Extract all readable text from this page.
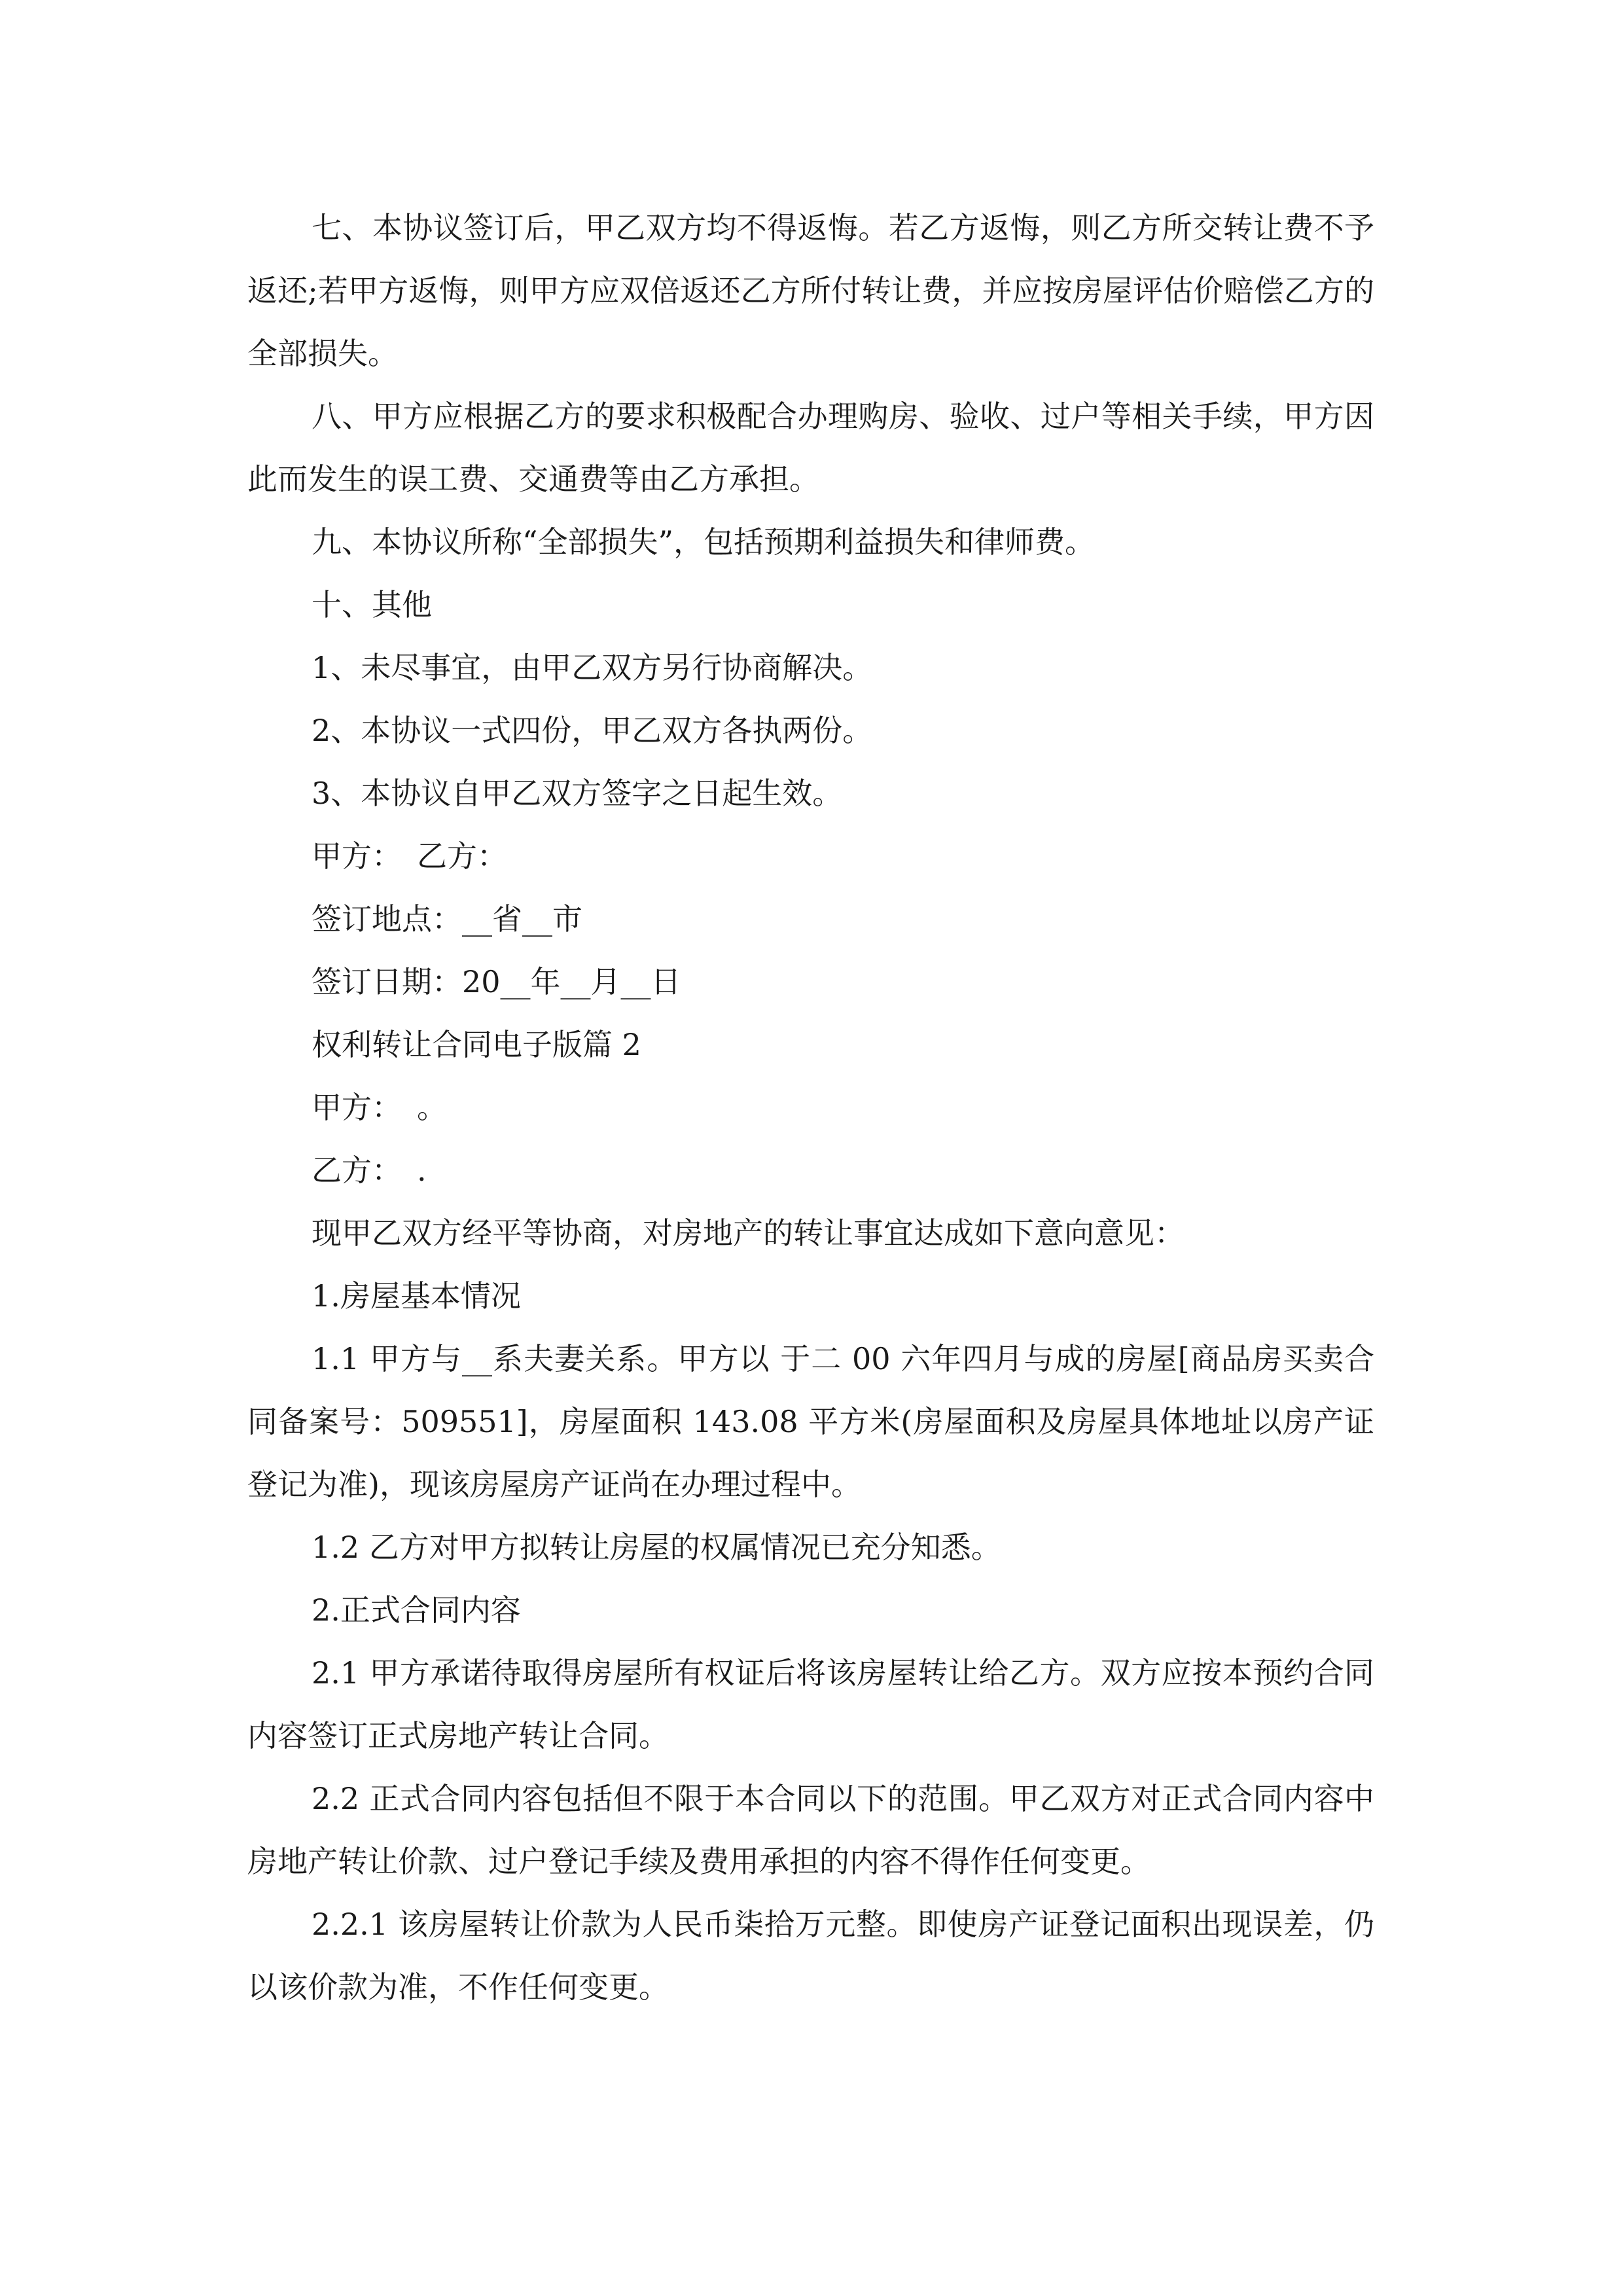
七、本协议签订后，甲乙双方均不得返悔。若乙方返悔，则乙方所交转让费不予返还;若甲方返悔，则甲方应双倍返还乙方所付转让费，并应按房屋评估价赔偿乙方的全部损失。

八、甲方应根据乙方的要求积极配合办理购房、验收、过户等相关手续，甲方因此而发生的误工费、交通费等由乙方承担。

九、本协议所称“全部损失”，包括预期利益损失和律师费。

十、其他

1、未尽事宜，由甲乙双方另行协商解决。

2、本协议一式四份，甲乙双方各执两份。

3、本协议自甲乙双方签字之日起生效。

甲方：　乙方：

签订地点：__省__市

签订日期：20__年__月__日

权利转让合同电子版篇 2

甲方：　。

乙方：　.

现甲乙双方经平等协商，对房地产的转让事宜达成如下意向意见：

1.房屋基本情况

1.1 甲方与__系夫妻关系。甲方以 于二 00 六年四月与成的房屋[商品房买卖合同备案号：509551]，房屋面积 143.08 平方米(房屋面积及房屋具体地址以房产证登记为准)，现该房屋房产证尚在办理过程中。

1.2 乙方对甲方拟转让房屋的权属情况已充分知悉。

2.正式合同内容

2.1 甲方承诺待取得房屋所有权证后将该房屋转让给乙方。双方应按本预约合同内容签订正式房地产转让合同。

2.2 正式合同内容包括但不限于本合同以下的范围。甲乙双方对正式合同内容中房地产转让价款、过户登记手续及费用承担的内容不得作任何变更。

2.2.1 该房屋转让价款为人民币柒拾万元整。即使房产证登记面积出现误差，仍以该价款为准，不作任何变更。
